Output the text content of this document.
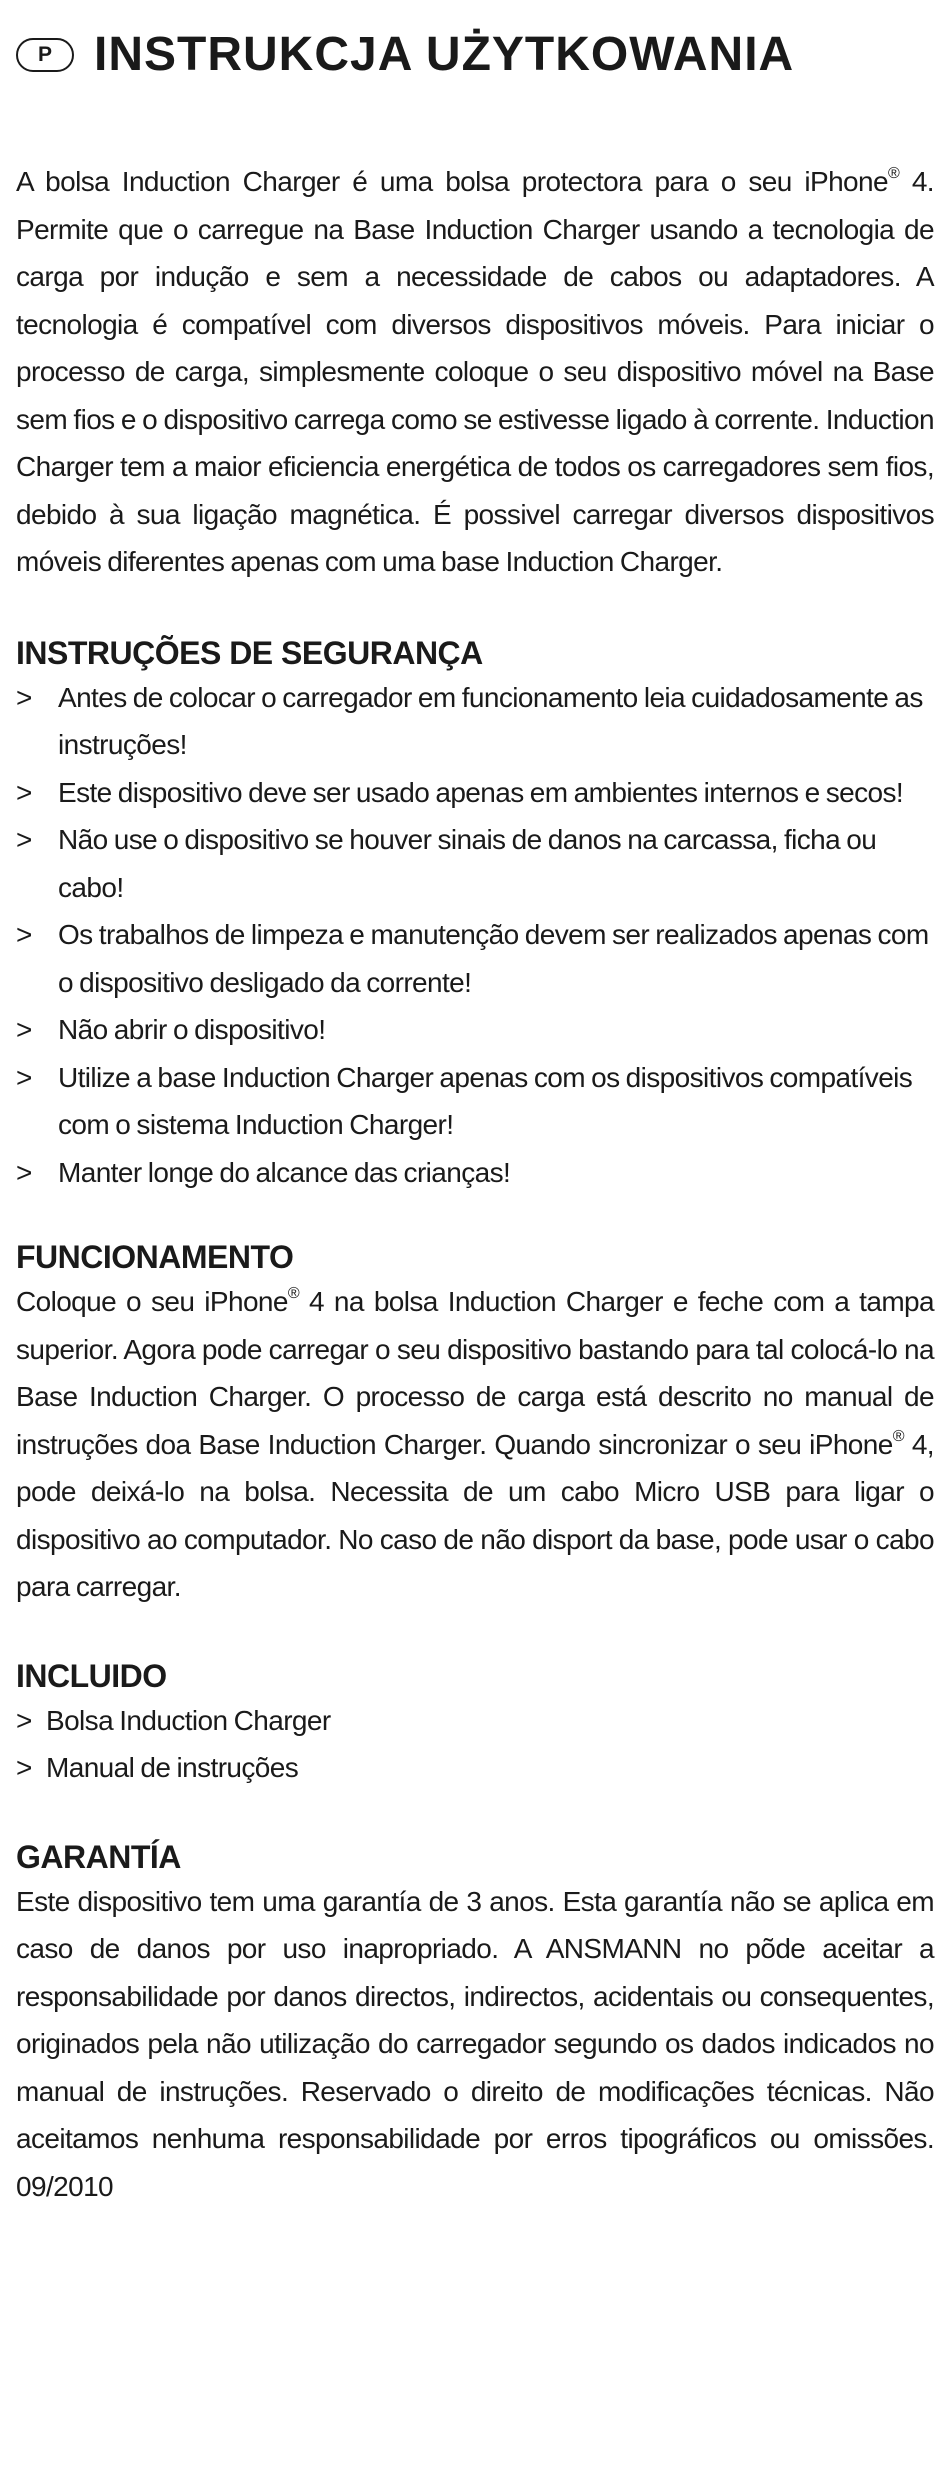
P INSTRUKCJA UŻYTKOWANIA

A bolsa Induction Charger é uma bolsa protectora para o seu iPhone® 4. Permite que o carregue na Base Induction Charger usando a tecnologia de carga por indução e sem a necessidade de cabos ou adaptadores. A tecnologia é compatível com diversos dispositivos móveis. Para iniciar o processo de carga, simplesmente coloque o seu dispositivo móvel na Base sem fios e o dispositivo carrega como se estivesse ligado à corrente. Induction Charger tem a maior eficiencia energética de todos os carregadores sem fios, debido à sua ligação magnética. É possivel carregar diversos dispositivos móveis diferentes apenas com uma base Induction Charger.

INSTRUÇÕES DE SEGURANÇA
> Antes de colocar o carregador em funcionamento leia cuidadosamente as instruções!
> Este dispositivo deve ser usado apenas em ambientes internos e secos!
> Não use o dispositivo se houver sinais de danos na carcassa, ficha ou cabo!
> Os trabalhos de limpeza e manutenção devem ser realizados apenas com o dispositivo desligado da corrente!
> Não abrir o dispositivo!
> Utilize a base Induction Charger apenas com os dispositivos compatíveis com o sistema Induction Charger!
> Manter longe do alcance das crianças!
FUNCIONAMENTO

Coloque o seu iPhone® 4 na bolsa Induction Charger e feche com a tampa superior. Agora pode carregar o seu dispositivo bastando para tal colocá-lo na Base Induction Charger. O processo de carga está descrito no manual de instruções doa Base Induction Charger. Quando sincronizar o seu iPhone® 4, pode deixá-lo na bolsa. Necessita de um cabo Micro USB para ligar o dispositivo ao computador. No caso de não disport da base, pode usar o cabo para carregar.

INCLUIDO
> Bolsa Induction Charger
> Manual de instruções
GARANTÍA

Este dispositivo tem uma garantía de 3 anos. Esta garantía não se aplica em caso de danos por uso inapropriado. A ANSMANN no põde aceitar a responsabilidade por danos directos, indirectos, acidentais ou consequentes, originados pela não utilização do carregador segundo os dados indicados no manual de instruções. Reservado o direito de modificações técnicas. Não aceitamos nenhuma responsabilidade por erros tipográficos ou omissões. 09/2010
